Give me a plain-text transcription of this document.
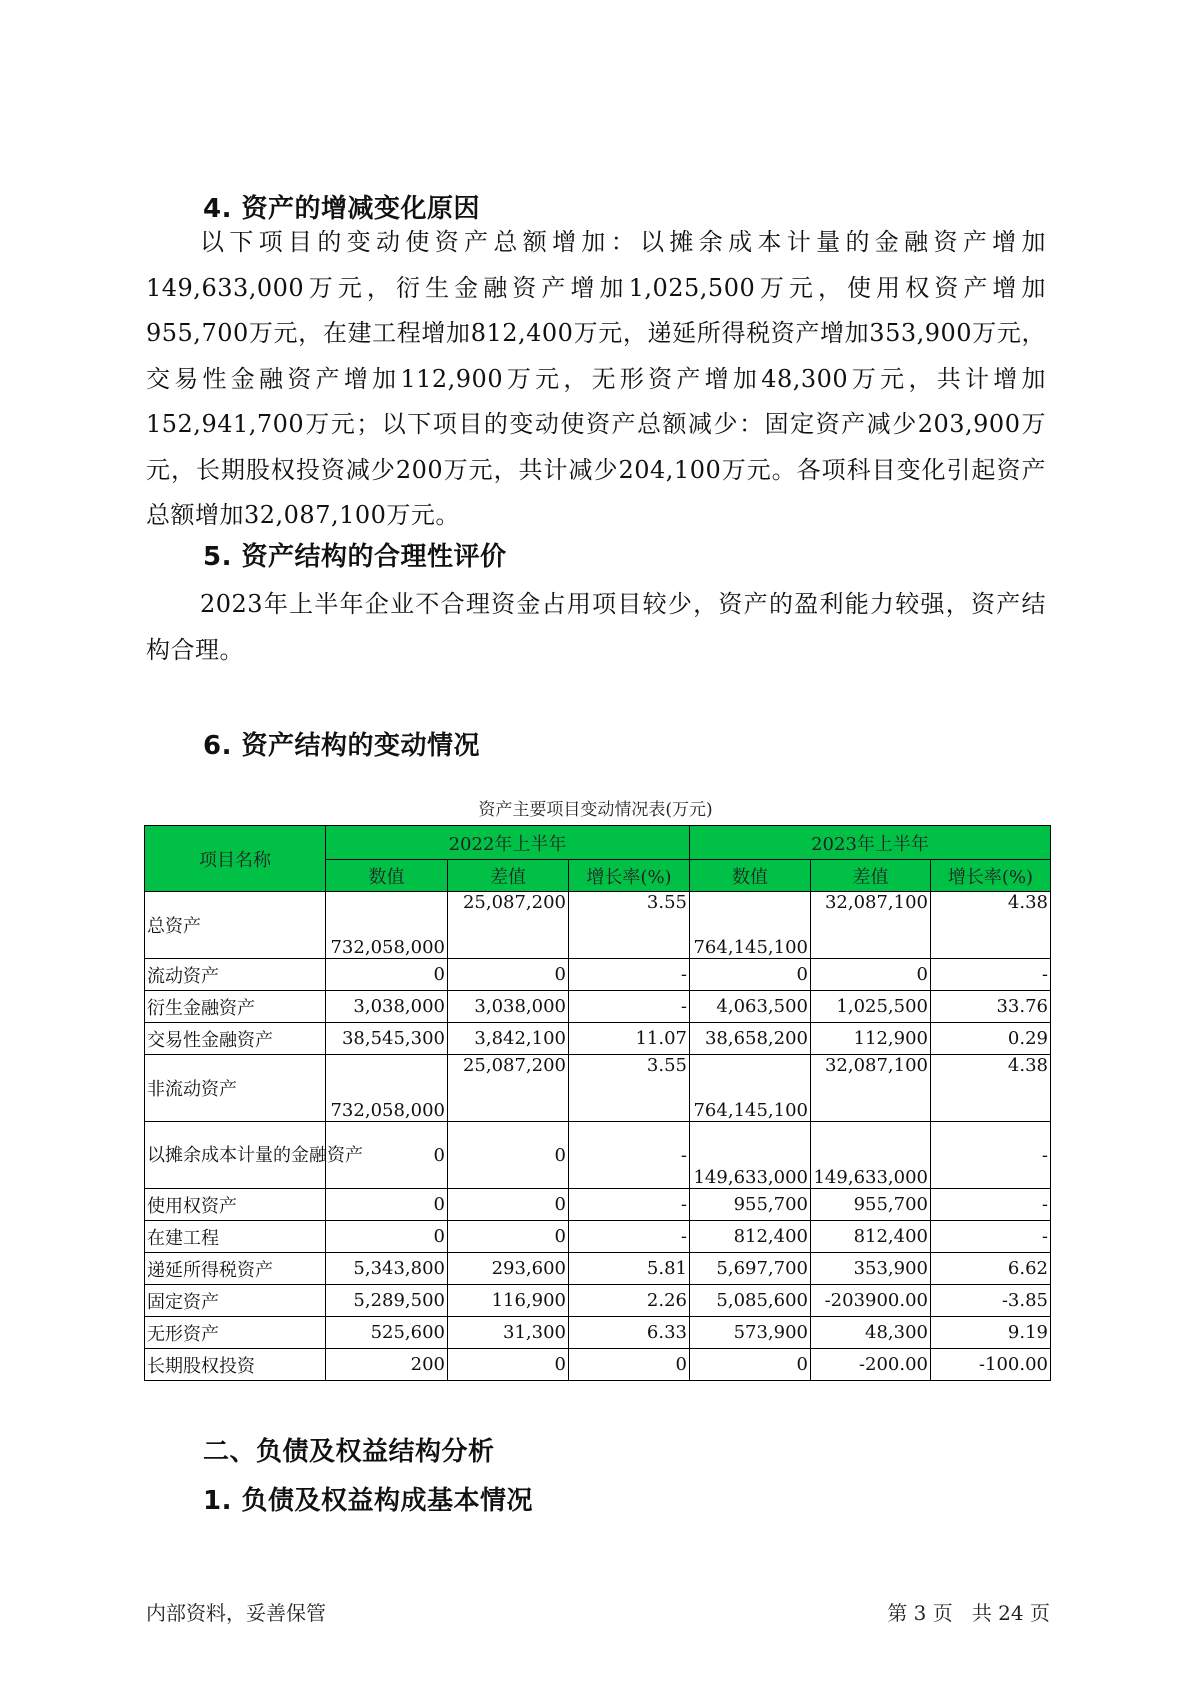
4. 资产的增减变化原因
以下项目的变动使资产总额增加：以摊余成本计量的金融资产增加149,633,000万元，衍生金融资产增加1,025,500万元，使用权资产增加955,700万元，在建工程增加812,400万元，递延所得税资产增加353,900万元，交易性金融资产增加112,900万元，无形资产增加48,300万元，共计增加152,941,700万元；以下项目的变动使资产总额减少：固定资产减少203,900万元，长期股权投资减少200万元，共计减少204,100万元。各项科目变化引起资产总额增加32,087,100万元。
5. 资产结构的合理性评价
2023年上半年企业不合理资金占用项目较少，资产的盈利能力较强，资产结构合理。
6. 资产结构的变动情况
资产主要项目变动情况表(万元)
项目名称	2022年上半年			2023年上半年		
	数值	差值	增长率(%)	数值	差值	增长率(%)
总资产	732,058,000	25,087,200	3.55	764,145,100	32,087,100	4.38
流动资产	0	0	-	0	0	-
衍生金融资产	3,038,000	3,038,000	-	4,063,500	1,025,500	33.76
交易性金融资产	38,545,300	3,842,100	11.07	38,658,200	112,900	0.29
非流动资产	732,058,000	25,087,200	3.55	764,145,100	32,087,100	4.38
以摊余成本计量的金融资产	0	0	-	149,633,000	149,633,000	-
使用权资产	0	0	-	955,700	955,700	-
在建工程	0	0	-	812,400	812,400	-
递延所得税资产	5,343,800	293,600	5.81	5,697,700	353,900	6.62
固定资产	5,289,500	116,900	2.26	5,085,600	-203900.00	-3.85
无形资产	525,600	31,300	6.33	573,900	48,300	9.19
长期股权投资	200	0	0	0	-200.00	-100.00
二、负债及权益结构分析
1. 负债及权益构成基本情况
内部资料，妥善保管	第 3 页   共 24 页
